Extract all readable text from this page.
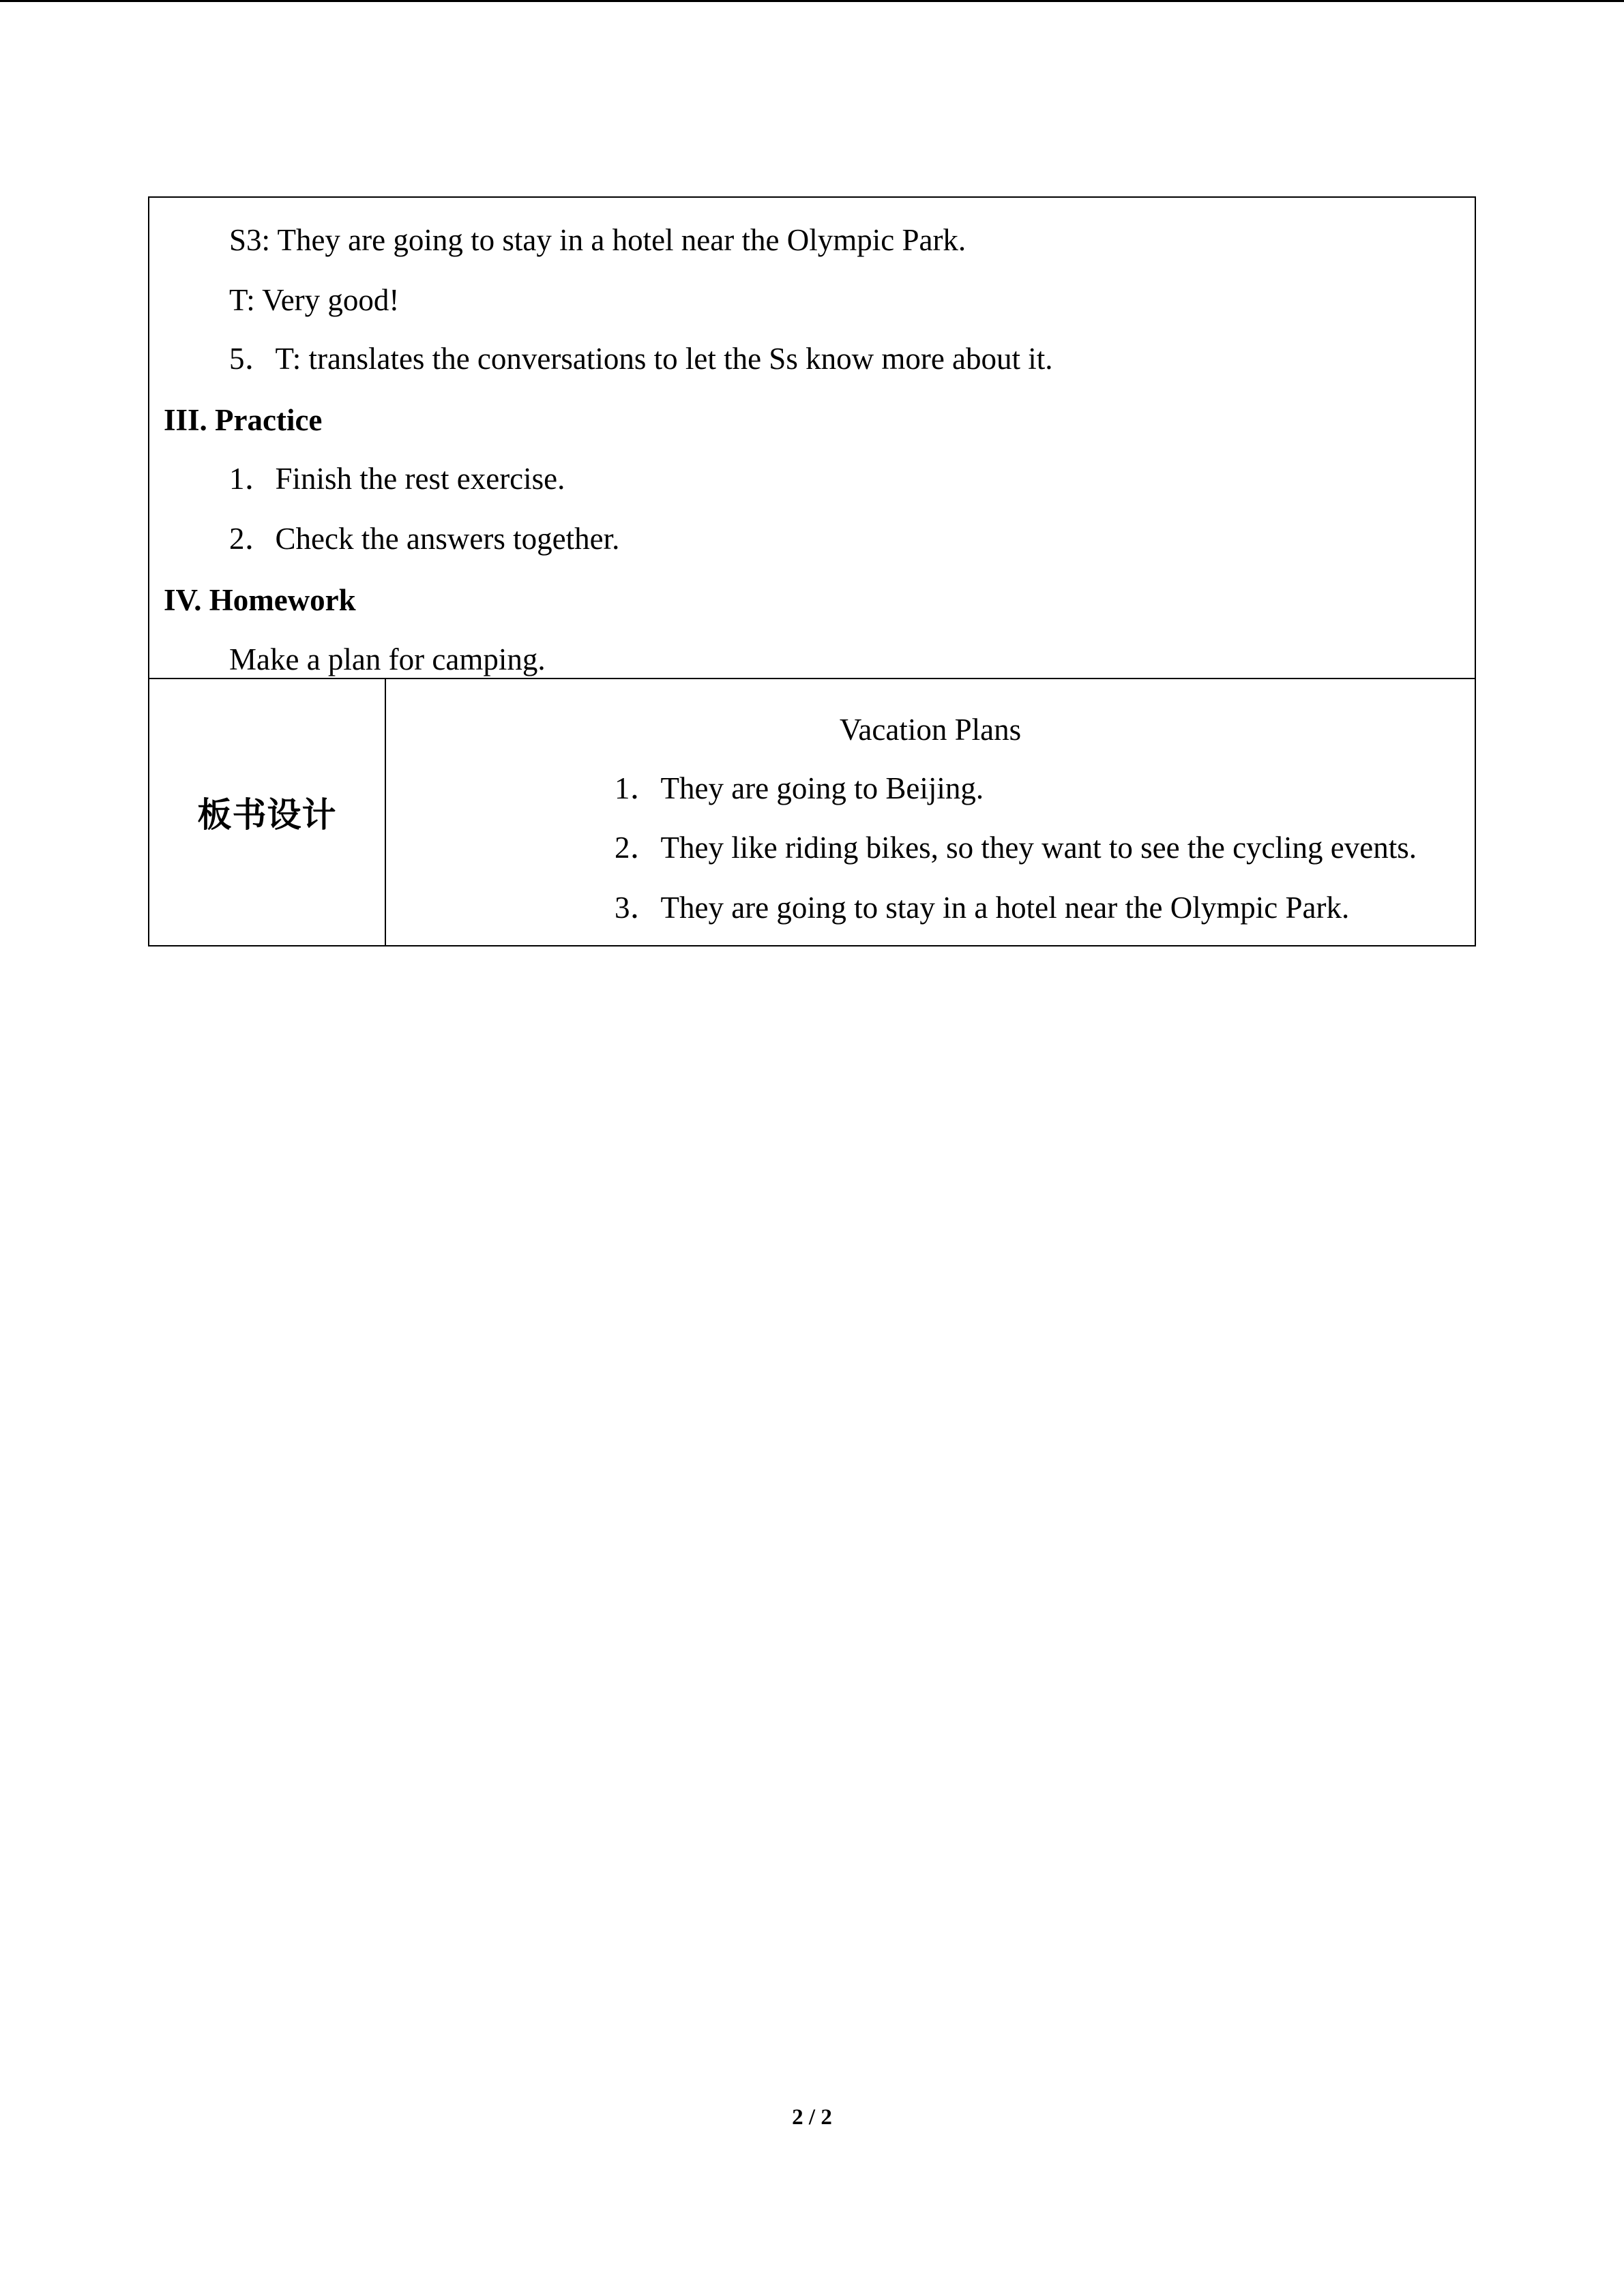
S3: They are going to stay in a hotel near the Olympic Park.
T: Very good!
5．T: translates the conversations to let the Ss know more about it.
III. Practice
1．Finish the rest exercise.
2．Check the answers together.
IV. Homework
Make a plan for camping.
板书设计
Vacation Plans
1．They are going to Beijing.
2．They like riding bikes, so they want to see the cycling events.
3．They are going to stay in a hotel near the Olympic Park.
2 / 2
